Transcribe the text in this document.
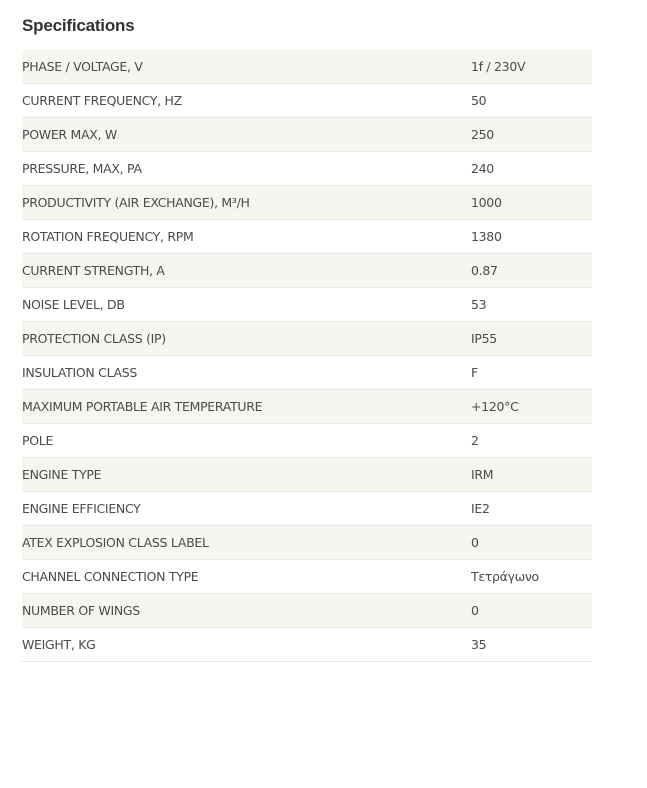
Specifications
PHASE / VOLTAGE, V	1f / 230V
CURRENT FREQUENCY, HZ	50
POWER MAX, W	250
PRESSURE, MAX, PA	240
PRODUCTIVITY (AIR EXCHANGE), M³/H	1000
ROTATION FREQUENCY, RPM	1380
CURRENT STRENGTH, A	0.87
NOISE LEVEL, DB	53
PROTECTION CLASS (IP)	IP55
INSULATION CLASS	F
MAXIMUM PORTABLE AIR TEMPERATURE	+120°C
POLE	2
ENGINE TYPE	IRM
ENGINE EFFICIENCY	IE2
ATEX EXPLOSION CLASS LABEL	0
CHANNEL CONNECTION TYPE	Τετράγωνο
NUMBER OF WINGS	0
WEIGHT, KG	35
